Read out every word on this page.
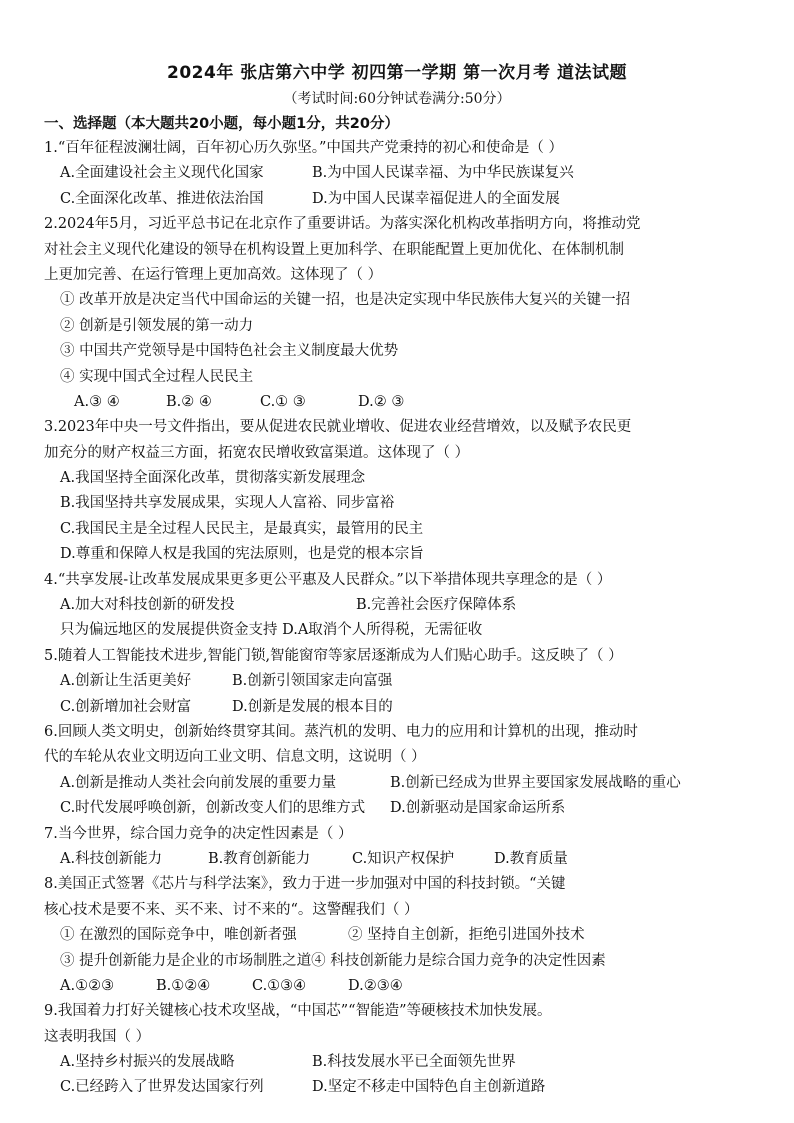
2024年 张店第六中学 初四第一学期 第一次月考 道法试题
（考试时间:60分钟试卷满分:50分）
一、选择题（本大题共20小题，每小题1分，共20分）
1.“百年征程波澜壮阔，百年初心历久弥坚。”中国共产党秉持的初心和使命是（ ）
A.全面建设社会主义现代化国家	B.为中国人民谋幸福、为中华民族谋复兴
C.全面深化改革、推进依法治国	D.为中国人民谋幸福促进人的全面发展
2.2024年5月，习近平总书记在北京作了重要讲话。为落实深化机构改革指明方向，将推动党
对社会主义现代化建设的领导在机构设置上更加科学、在职能配置上更加优化、在体制机制
上更加完善、在运行管理上更加高效。这体现了（ ）
① 改革开放是决定当代中国命运的关键一招，也是决定实现中华民族伟大复兴的关键一招
② 创新是引领发展的第一动力
③ 中国共产党领导是中国特色社会主义制度最大优势
④ 实现中国式全过程人民民主
A.③ ④	B.② ④	C.① ③	D.② ③
3.2023年中央一号文件指出，要从促进农民就业增收、促进农业经营增效，以及赋予农民更
加充分的财产权益三方面，拓宽农民增收致富渠道。这体现了（ ）
A.我国坚持全面深化改革，贯彻落实新发展理念
B.我国坚持共享发展成果，实现人人富裕、同步富裕
C.我国民主是全过程人民民主，是最真实，最管用的民主
D.尊重和保障人权是我国的宪法原则，也是党的根本宗旨
4.“共享发展-让改革发展成果更多更公平惠及人民群众。”以下举措体现共享理念的是（ ）
A.加大对科技创新的研发投	B.完善社会医疗保障体系
只为偏远地区的发展提供资金支持 D.A取消个人所得税，无需征收
5.随着人工智能技术进步,智能门锁,智能窗帘等家居逐渐成为人们贴心助手。这反映了（ ）
A.创新让生活更美好	B.创新引领国家走向富强
C.创新增加社会财富	D.创新是发展的根本目的
6.回顾人类文明史，创新始终贯穿其间。蒸汽机的发明、电力的应用和计算机的出现，推动时
代的车轮从农业文明迈向工业文明、信息文明，这说明（ ）
A.创新是推动人类社会向前发展的重要力量	B.创新已经成为世界主要国家发展战略的重心
C.时代发展呼唤创新，创新改变人们的思维方式 D.创新驱动是国家命运所系
7.当今世界，综合国力竞争的决定性因素是（ ）
A.科技创新能力	B.教育创新能力	C.知识产权保护	D.教育质量
8.美国正式签署《芯片与科学法案》，致力于进一步加强对中国的科技封锁。“关键
核心技术是要不来、买不来、讨不来的“。这警醒我们（ ）
① 在激烈的国际竞争中，唯创新者强	② 坚持自主创新，拒绝引进国外技术
③ 提升创新能力是企业的市场制胜之道④ 科技创新能力是综合国力竞争的决定性因素
A.①②③	B.①②④	C.①③④	D.②③④
9.我国着力打好关键核心技术攻坚战，“中国芯”“智能造”等硬核技术加快发展。
这表明我国（ ）
A.坚持乡村振兴的发展战略	B.科技发展水平已全面领先世界
C.已经跨入了世界发达国家行列	D.坚定不移走中国特色自主创新道路
